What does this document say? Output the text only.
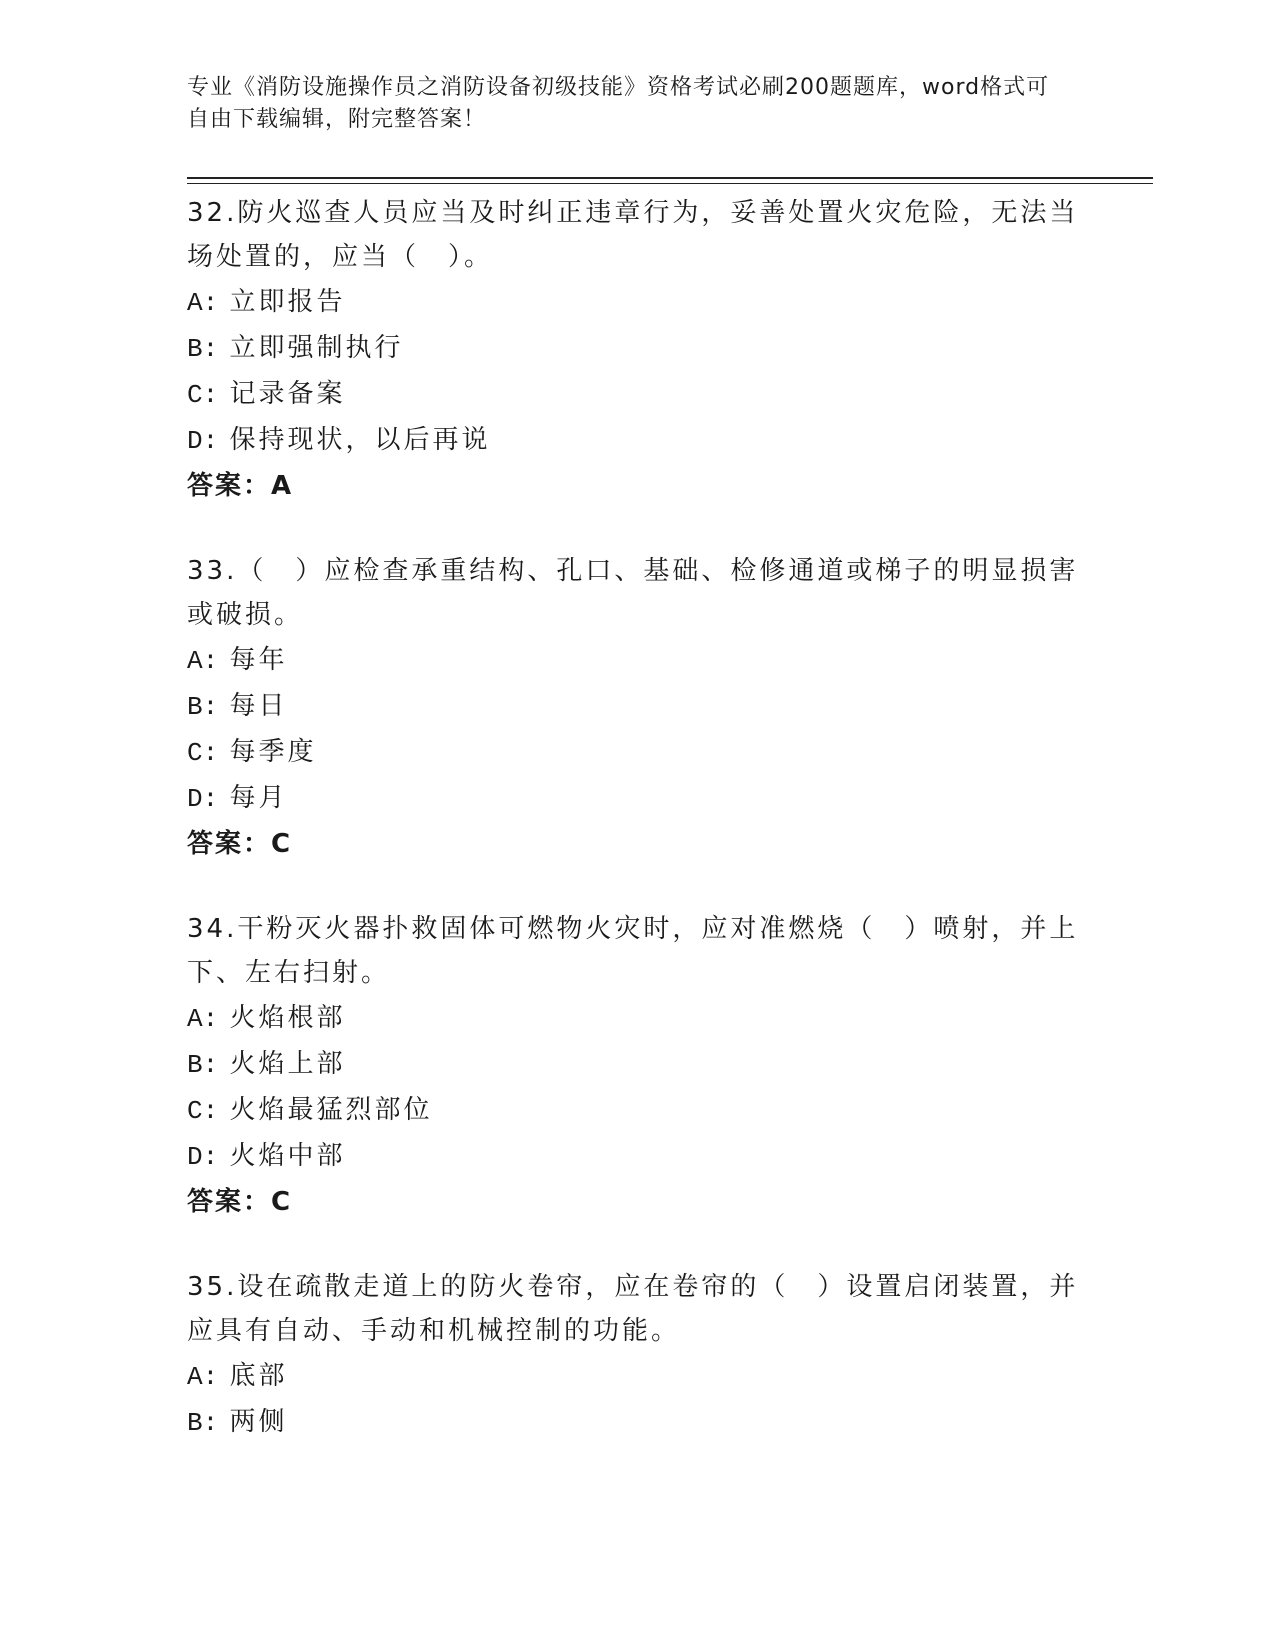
专业《消防设施操作员之消防设备初级技能》资格考试必刷200题题库，word格式可自由下载编辑，附完整答案！

32.防火巡查人员应当及时纠正违章行为，妥善处置火灾危险，无法当场处置的，应当（　）。

A: 立即报告
B: 立即强制执行
C: 记录备案
D: 保持现状，以后再说
答案：A

33.（　）应检查承重结构、孔口、基础、检修通道或梯子的明显损害或破损。

A: 每年
B: 每日
C: 每季度
D: 每月
答案：C

34.干粉灭火器扑救固体可燃物火灾时，应对准燃烧（　）喷射，并上下、左右扫射。

A: 火焰根部
B: 火焰上部
C: 火焰最猛烈部位
D: 火焰中部
答案：C

35.设在疏散走道上的防火卷帘，应在卷帘的（　）设置启闭装置，并应具有自动、手动和机械控制的功能。

A: 底部
B: 两侧
